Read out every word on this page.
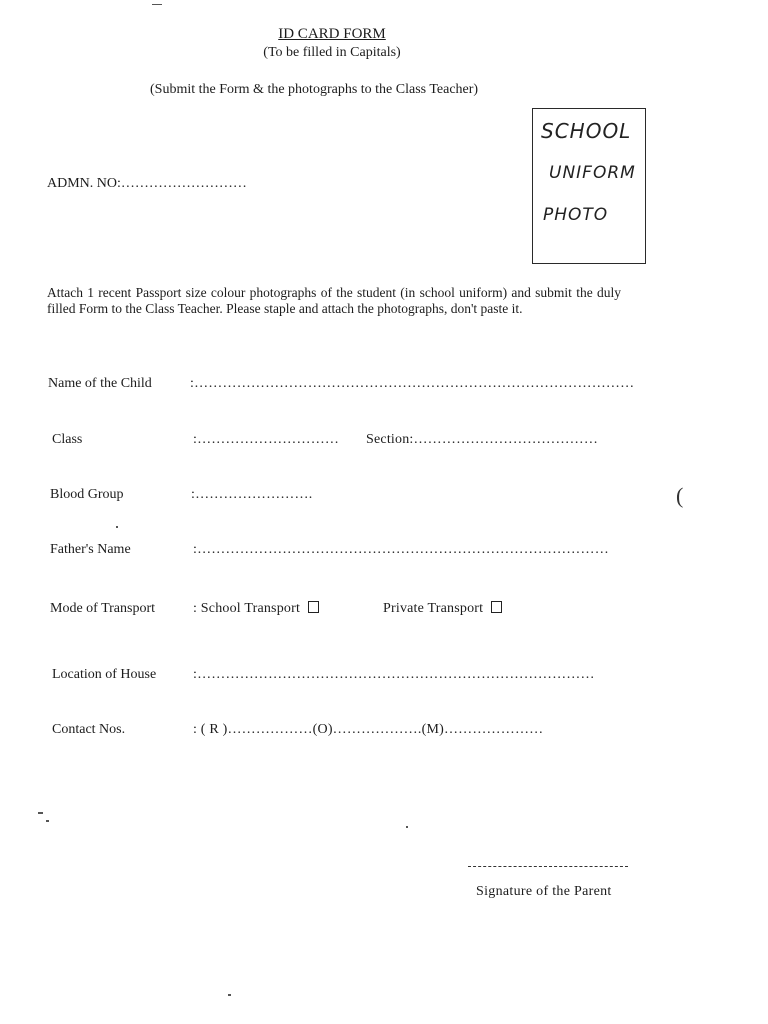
ID CARD FORM
(To be filled in Capitals)
(Submit the Form & the photographs to the Class Teacher)
ADMN. NO:………………………
SCHOOL
UNIFORM
PHOTO
Attach 1 recent Passport size colour photographs of the student (in school uniform) and submit the duly filled Form to the Class Teacher. Please staple and attach the photographs, don't paste it.
Name of the Child	:…………………………………………………………………………………
Class	:………………………… Section:…………………………………
Blood Group	:…………………….
Father's Name	:……………………………………………………………………………
Mode of Transport	: School Transport	Private Transport
Location of House	:…………………………………………………………………………
Contact Nos.	: ( R )………………(O)……………….(M)…………………
Signature of the Parent
(
